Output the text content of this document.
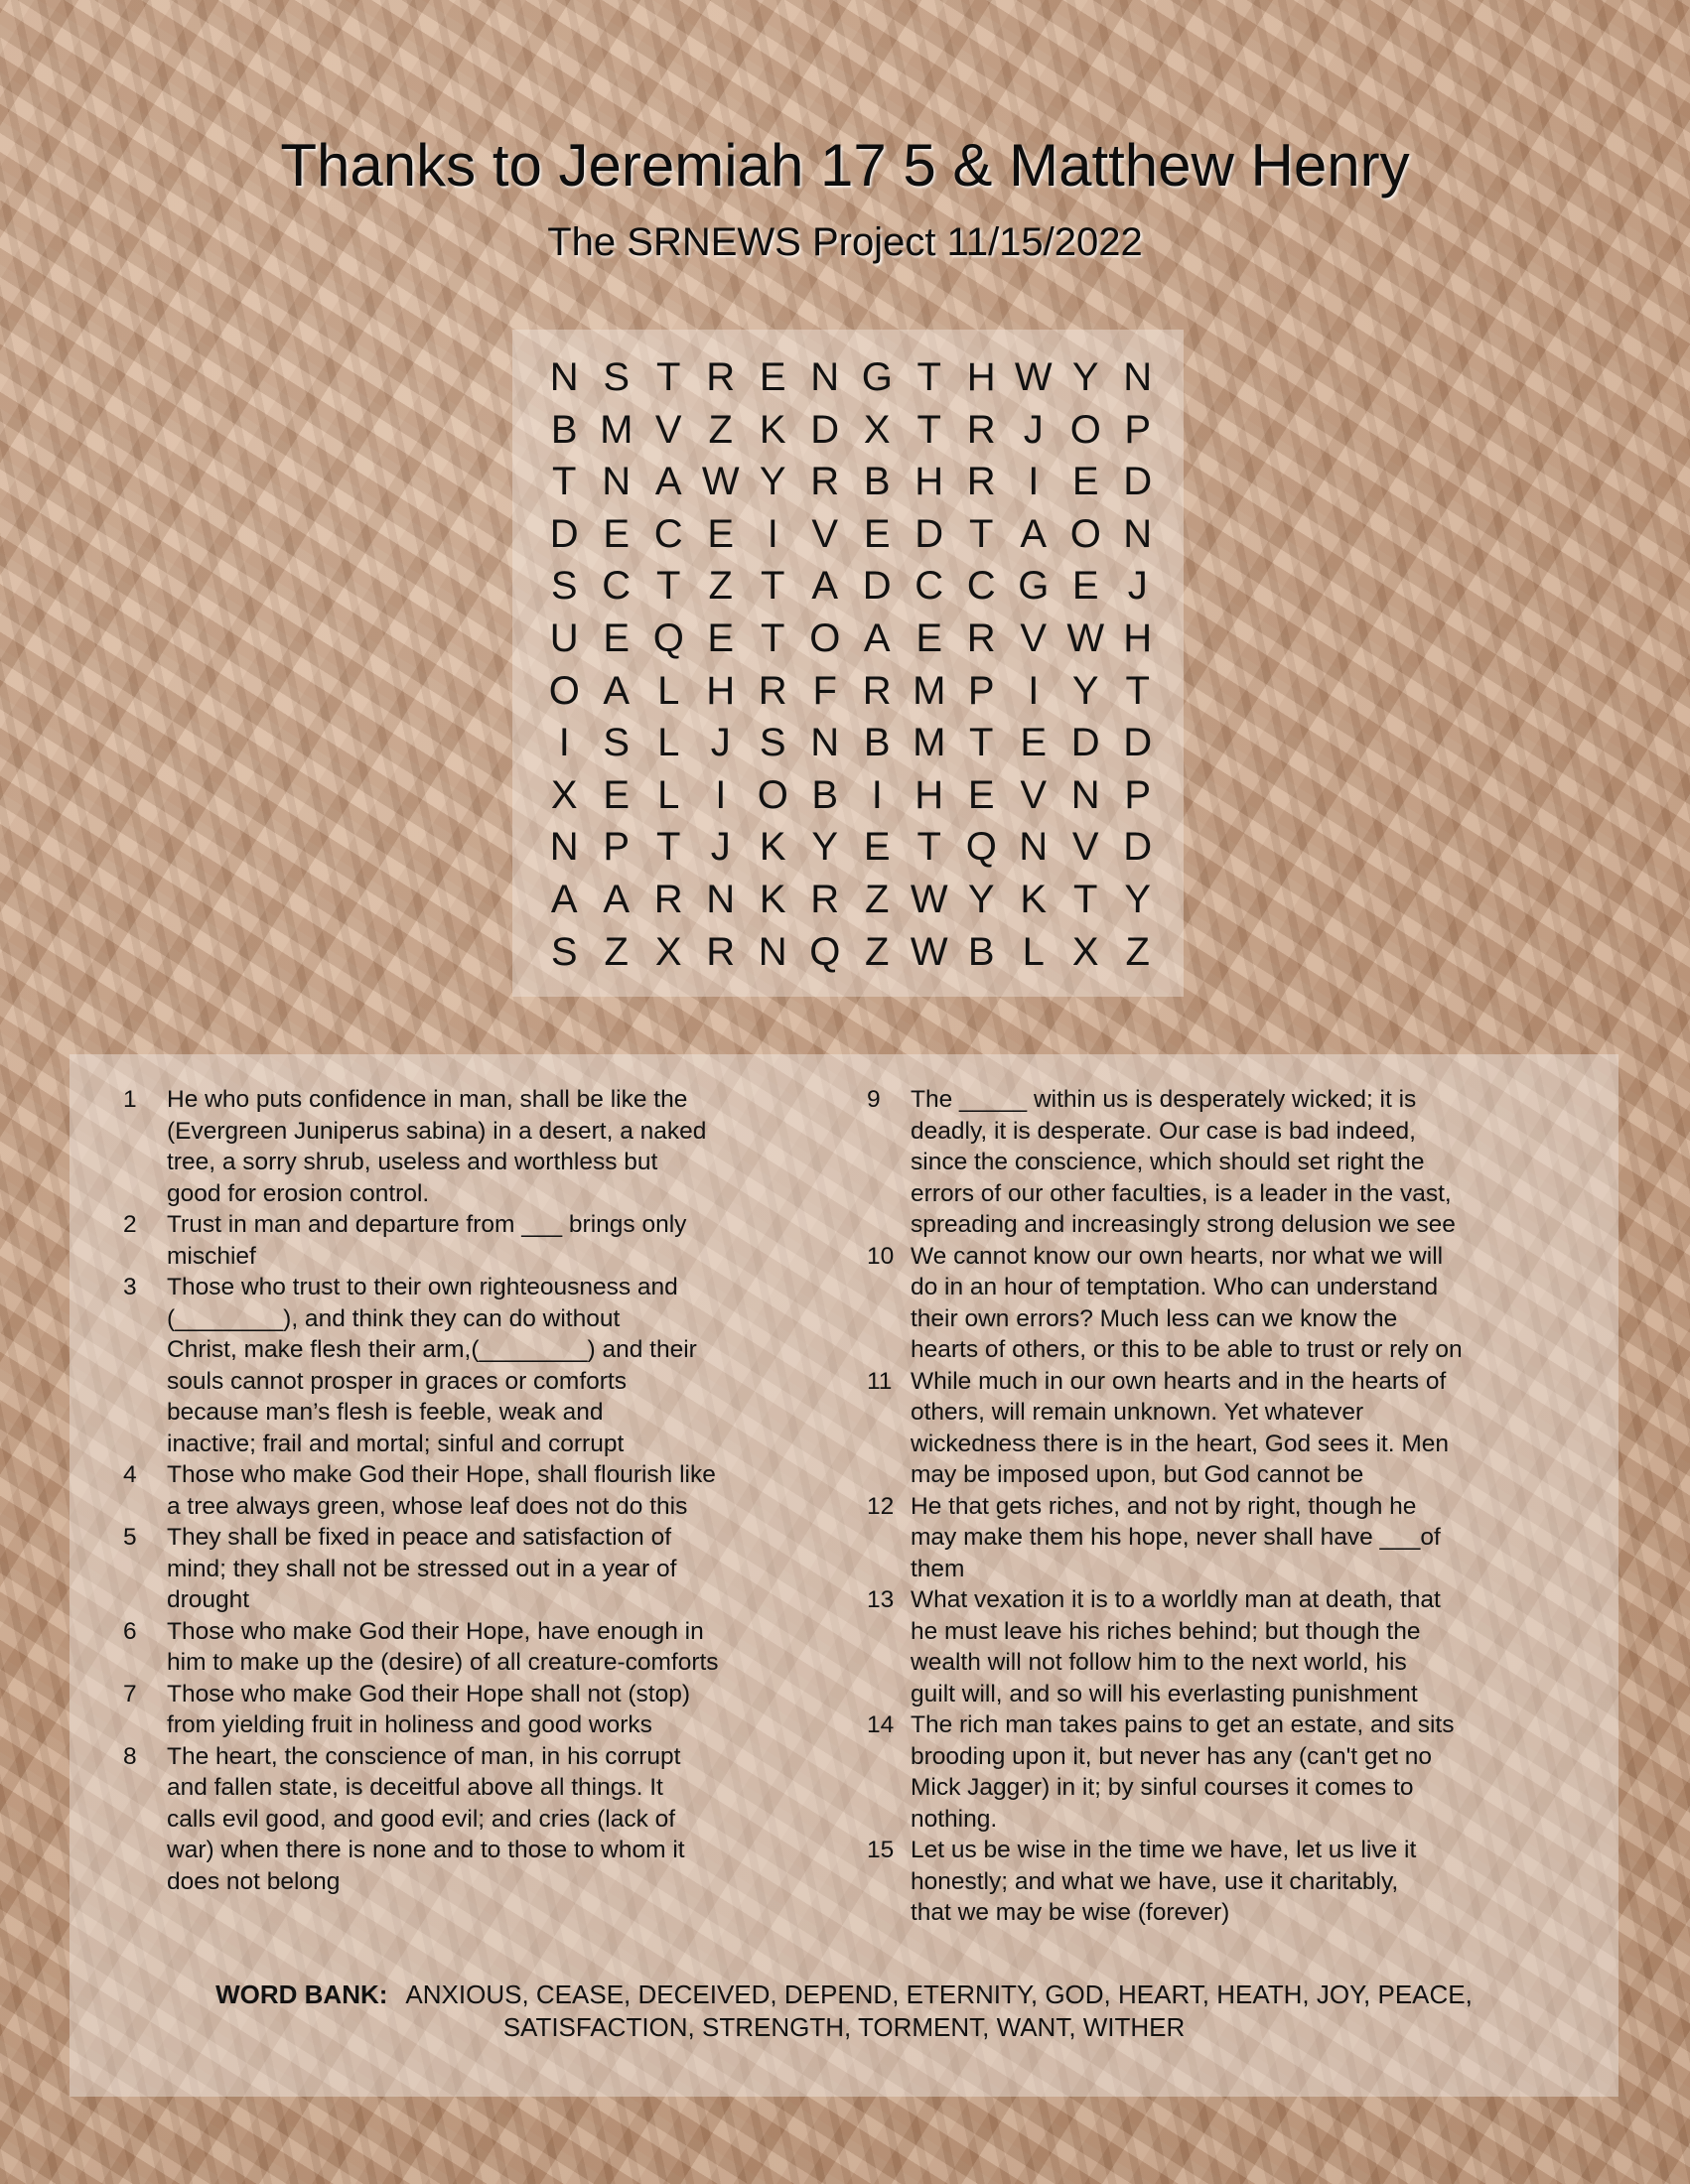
Thanks to Jeremiah 17 5 & Matthew Henry
The SRNEWS Project 11/15/2022
N S T R E N G T H W Y N
B M V Z K D X T R J O P
T N A W Y R B H R I E D
D E C E I V E D T A O N
S C T Z T A D C C G E J
U E Q E T O A E R V W H
O A L H R F R M P I Y T
I S L J S N B M T E D D
X E L I O B I H E V N P
N P T J K Y E T Q N V D
A A R N K R Z W Y K T Y
S Z X R N Q Z W B L X Z
1	He who puts confidence in man, shall be like the
(Evergreen Juniperus sabina) in a desert, a naked
tree, a sorry shrub, useless and worthless but
good for erosion control.
2	Trust in man and departure from ___ brings only
mischief
3	Those who trust to their own righteousness and
(________), and think they can do without
Christ, make flesh their arm,(________) and their
souls cannot prosper in graces or comforts
because man’s flesh is feeble, weak and
inactive; frail and mortal; sinful and corrupt
4	Those who make God their Hope, shall flourish like
a tree always green, whose leaf does not do this
5	They shall be fixed in peace and satisfaction of
mind; they shall not be stressed out in a year of
drought
6	Those who make God their Hope, have enough in
him to make up the (desire) of all creature-comforts
7	Those who make God their Hope shall not (stop)
from yielding fruit in holiness and good works
8	The heart, the conscience of man, in his corrupt
and fallen state, is deceitful above all things. It
calls evil good, and good evil; and cries (lack of
war) when there is none and to those to whom it
does not belong
9	The _____ within us is desperately wicked; it is
deadly, it is desperate. Our case is bad indeed,
since the conscience, which should set right the
errors of our other faculties, is a leader in the vast,
spreading and increasingly strong delusion we see
10 We cannot know our own hearts, nor what we will
do in an hour of temptation. Who can understand
their own errors? Much less can we know the
hearts of others, or this to be able to trust or rely on
11 While much in our own hearts and in the hearts of
others, will remain unknown. Yet whatever
wickedness there is in the heart, God sees it. Men
may be imposed upon, but God cannot be
12 He that gets riches, and not by right, though he
may make them his hope, never shall have ___of
them
13 What vexation it is to a worldly man at death, that
he must leave his riches behind; but though the
wealth will not follow him to the next world, his
guilt will, and so will his everlasting punishment
14 The rich man takes pains to get an estate, and sits
brooding upon it, but never has any (can't get no
Mick Jagger) in it; by sinful courses it comes to
nothing.
15 Let us be wise in the time we have, let us live it
honestly; and what we have, use it charitably,
that we may be wise (forever)
WORD BANK: ANXIOUS, CEASE, DECEIVED, DEPEND, ETERNITY, GOD, HEART, HEATH, JOY, PEACE,
SATISFACTION, STRENGTH, TORMENT, WANT, WITHER
